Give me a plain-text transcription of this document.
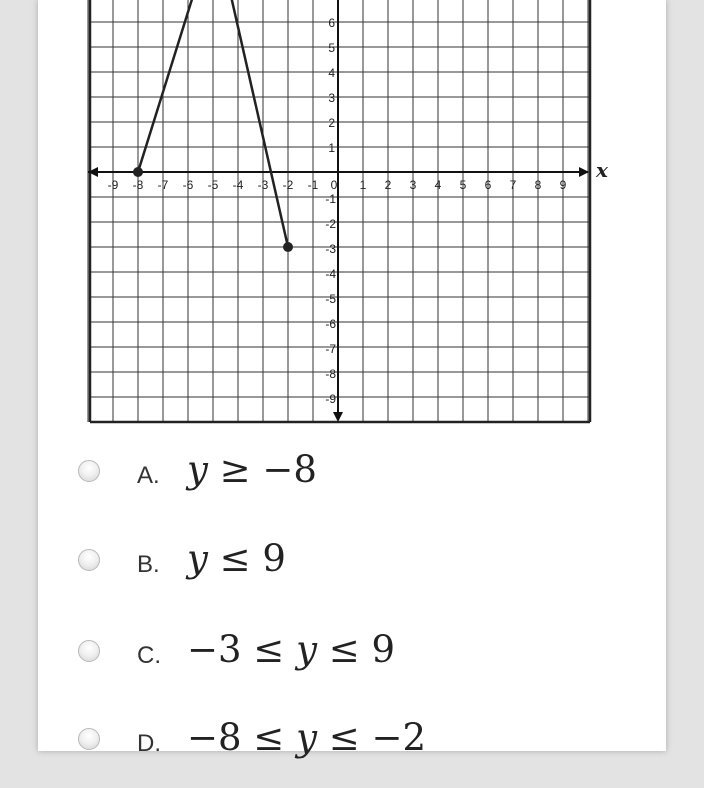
-9 -8 -7 -6 -5 -4 -3 -2 -1 0 1 2 3 4 5 6 7 8 9
6
5
4
3
2
1
-1
-2
-3
-4
-5
-6
-7
-8
-9
x
A. y ≥ −8
B. y ≤ 9
C. −3 ≤ y ≤ 9
D. −8 ≤ y ≤ −2
